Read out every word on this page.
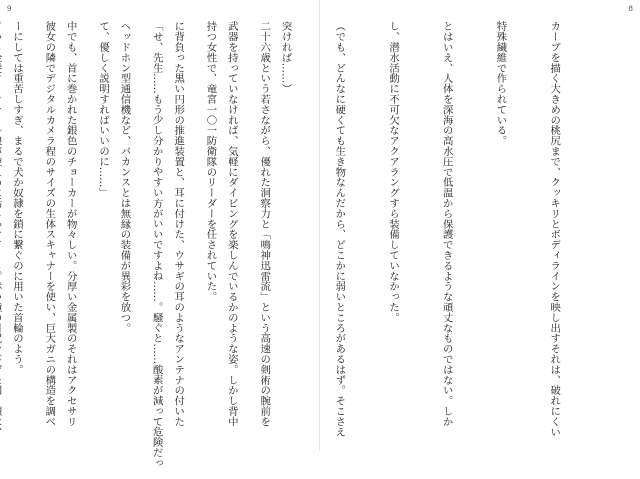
9

二十六歳という若さながら、優れた洞察力と「鳴神迅雷流」という高速の剣術の腕前を

持つ女性で、竜宮一〇一防衛隊のリーダーを任されていた。

「せ、先生……もう少し分かりやすい方がいいですよね……。騒ぐと……酸素が減って危険だっ

て、優しく説明すればいいのに……」

彼女の隣でデジタルカメラ程のサイズの生体スキャナーを使い、巨大ガニの構造を調べ

8

カーブを描く大きめの桃尻まで、クッキリとボディラインを映し出すそれは、破れにくい

特殊繊維で作られている。

とはいえ、人体を深海の高水圧で低温から保護できるような頑丈なものではない。しか

し、潜水活動に不可欠なアクアラングすら装備していなかった。

（でも、どんなに硬くても生き物なんだから、どこかに弱いところがあるはず。そこさえ

突ければ……）

武器を持っていなければ、気軽にダイビングを楽しんでいるかのような姿。しかし背中

に背負った黒い円形の推進装置と、耳に付けた、ウサギの耳のようなアンテナの付いた

ヘッドホン型通信機など、パカンスとは無縁の装備が異彩を放つ。

中でも、首に巻かれた銀色のチョーカーが物々しい。分厚い金属製のそれはアクセサリ

ーにしては重苦しすぎ、まるで犬か奴隷を鎖に繋ぐのに用いた首輪のよう。
